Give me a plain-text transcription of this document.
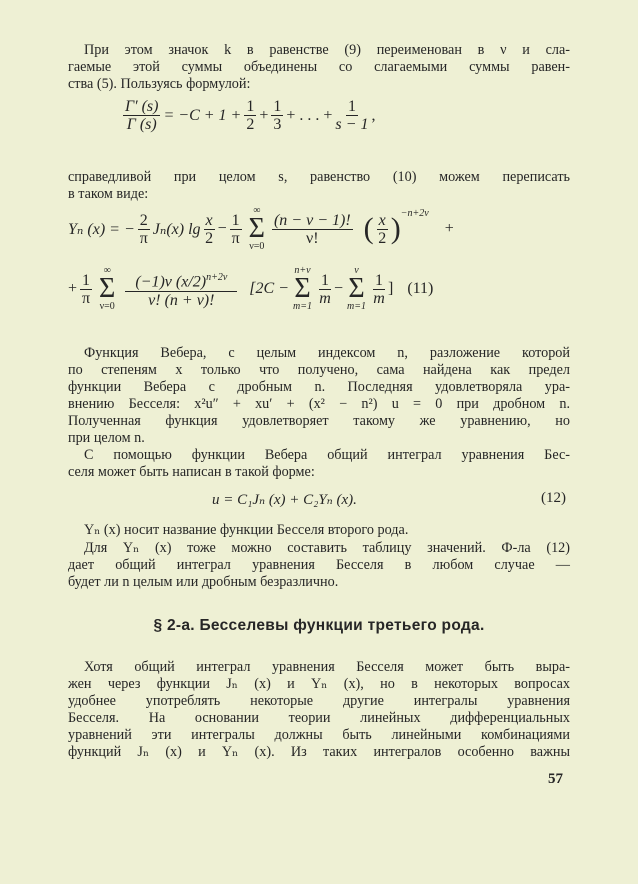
При этом значок k в равенстве (9) переименован в ν и сла-
гаемые этой суммы объединены со слагаемыми суммы равен-
ства (5). Пользуясь формулой:
$\frac{\Gamma' (s)}{\Gamma (s)} = -C + 1 + \frac{1}{2} + \frac{1}{3}$ + . . . + $\frac{1}{s - 1}$ ,
справедливой при целом s, равенство (10) можем переписать
в таком виде:
Yₙ (x) = − $\frac{2}{\pi} J_n(x)$ $\lg \frac{x}{2} - \frac{1}{\pi}$
∞
Σ
$\nu=0 \frac{(n - \nu - 1)!}{\nu!}$ ( $\frac{x}{2} )^{-n+2\nu}$
+
+ $\frac{1}{\pi}$
∞
Σ
$\nu=0 \frac{(-1)\nu (x/2)^{n+2\nu}}{\nu! (n + \nu)!} [2C$ −
n+ν
Σ
$m=1 \frac{1}{m}$ −
ν
Σ
$m=1 \frac{1}{m}$ ] (11)
Функция Вебера, с целым индексом n, разложение которой
по степеням x только что получено, сама найдена как предел
функции Вебера с дробным n. Последняя удовлетворяла ура-
внению Бесселя: x²u″ + xu′ + (x² − n²) u = 0 при дробном n.
Полученная функция удовлетворяет такому же уравнению, но
при целом n.
С помощью функции Вебера общий интеграл уравнения Бес-
селя может быть написан в такой форме:
u = C₁Jₙ (x) + C₂Yₙ (x).	(12)
Yₙ (x) носит название функции Бесселя второго рода.
Для Yₙ (x) тоже можно составить таблицу значений. Ф-ла (12)
дает общий интеграл уравнения Бесселя в любом случае —
будет ли n целым или дробным безразлично.
§ 2-а. Бесселевы функции третьего рода.
Хотя общий интеграл уравнения Бесселя может быть выра-
жен через функции Jₙ (x) и Yₙ (x), но в некоторых вопросах
удобнее употреблять некоторые другие интегралы уравнения
Бесселя. На основании теории линейных дифференциальных
уравнений эти интегралы должны быть линейными комбинациями
функций Jₙ (x) и Yₙ (x). Из таких интегралов особенно важны
57
